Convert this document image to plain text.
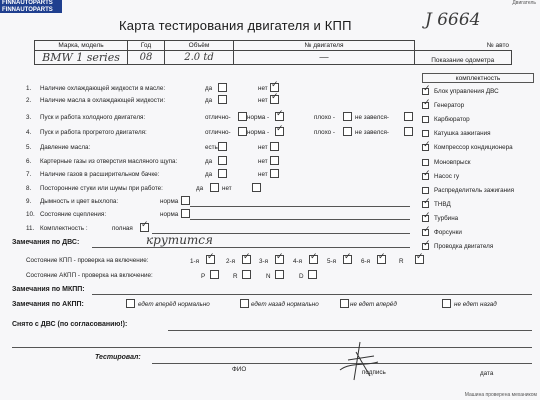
FINNAUTOPARTS
FINNAUTOPARTS
Двигатель
Карта тестирования двигателя и КПП	J 6664
Марка, модель	Год	Объём	№ двигателя	№ авто
BMW 1 series	08	2.0 td	—	Показание одометра
комплектность
Замечания по ДВС:	крутится
Состояние КПП - проверка на включение:
Состояние АКПП - проверка на включение:
Замечания по МКПП:
Замечания по АКПП:
Снято с ДВС (по согласованию!):
Тестировал:
ФИО	подпись	дата
Машина проверена механиком
1. Наличие охлаждающей жидкости в масле:	да	нет ✓
2. Наличие масла в охлаждающей жидкости:	да	нет ✓
3. Пуск и работа холодного двигателя:	отлично-	норма - ✓	плохо -	не завелся-
4. Пуск и работа прогретого двигателя:	отлично-	норма - ✓	плохо -	не завелся-
5. Давление масла:	есть	нет
6. Картерные газы из отверстия масляного щупа:	да	нет
7. Наличие газов в расширительном бачке:	да	нет
8. Посторонние стуки или шумы при работе:	да	нет
9. Дымность и цвет выхлопа:	норма
10. Состояние сцепления:	норма
11. Комплектность :	полная ✓
✓ Блок управления ДВС
✓ Генератор
Карбюратор
Катушка зажигания
✓ Компрессор кондиционера
Моновпрыск
✓ Насос гу
Распределитель зажигания
✓ ТНВД
✓ Турбина
✓ Форсунки
✓ Проводка двигателя
1-я ✓ 2-я ✓ 3-я ✓ 4-я ✓ 5-я ✓ 6-я ✓ R ✓
P	R	N	D
едет вперёд нормально	едет назад нормально	не едет вперёд	не едет назад
